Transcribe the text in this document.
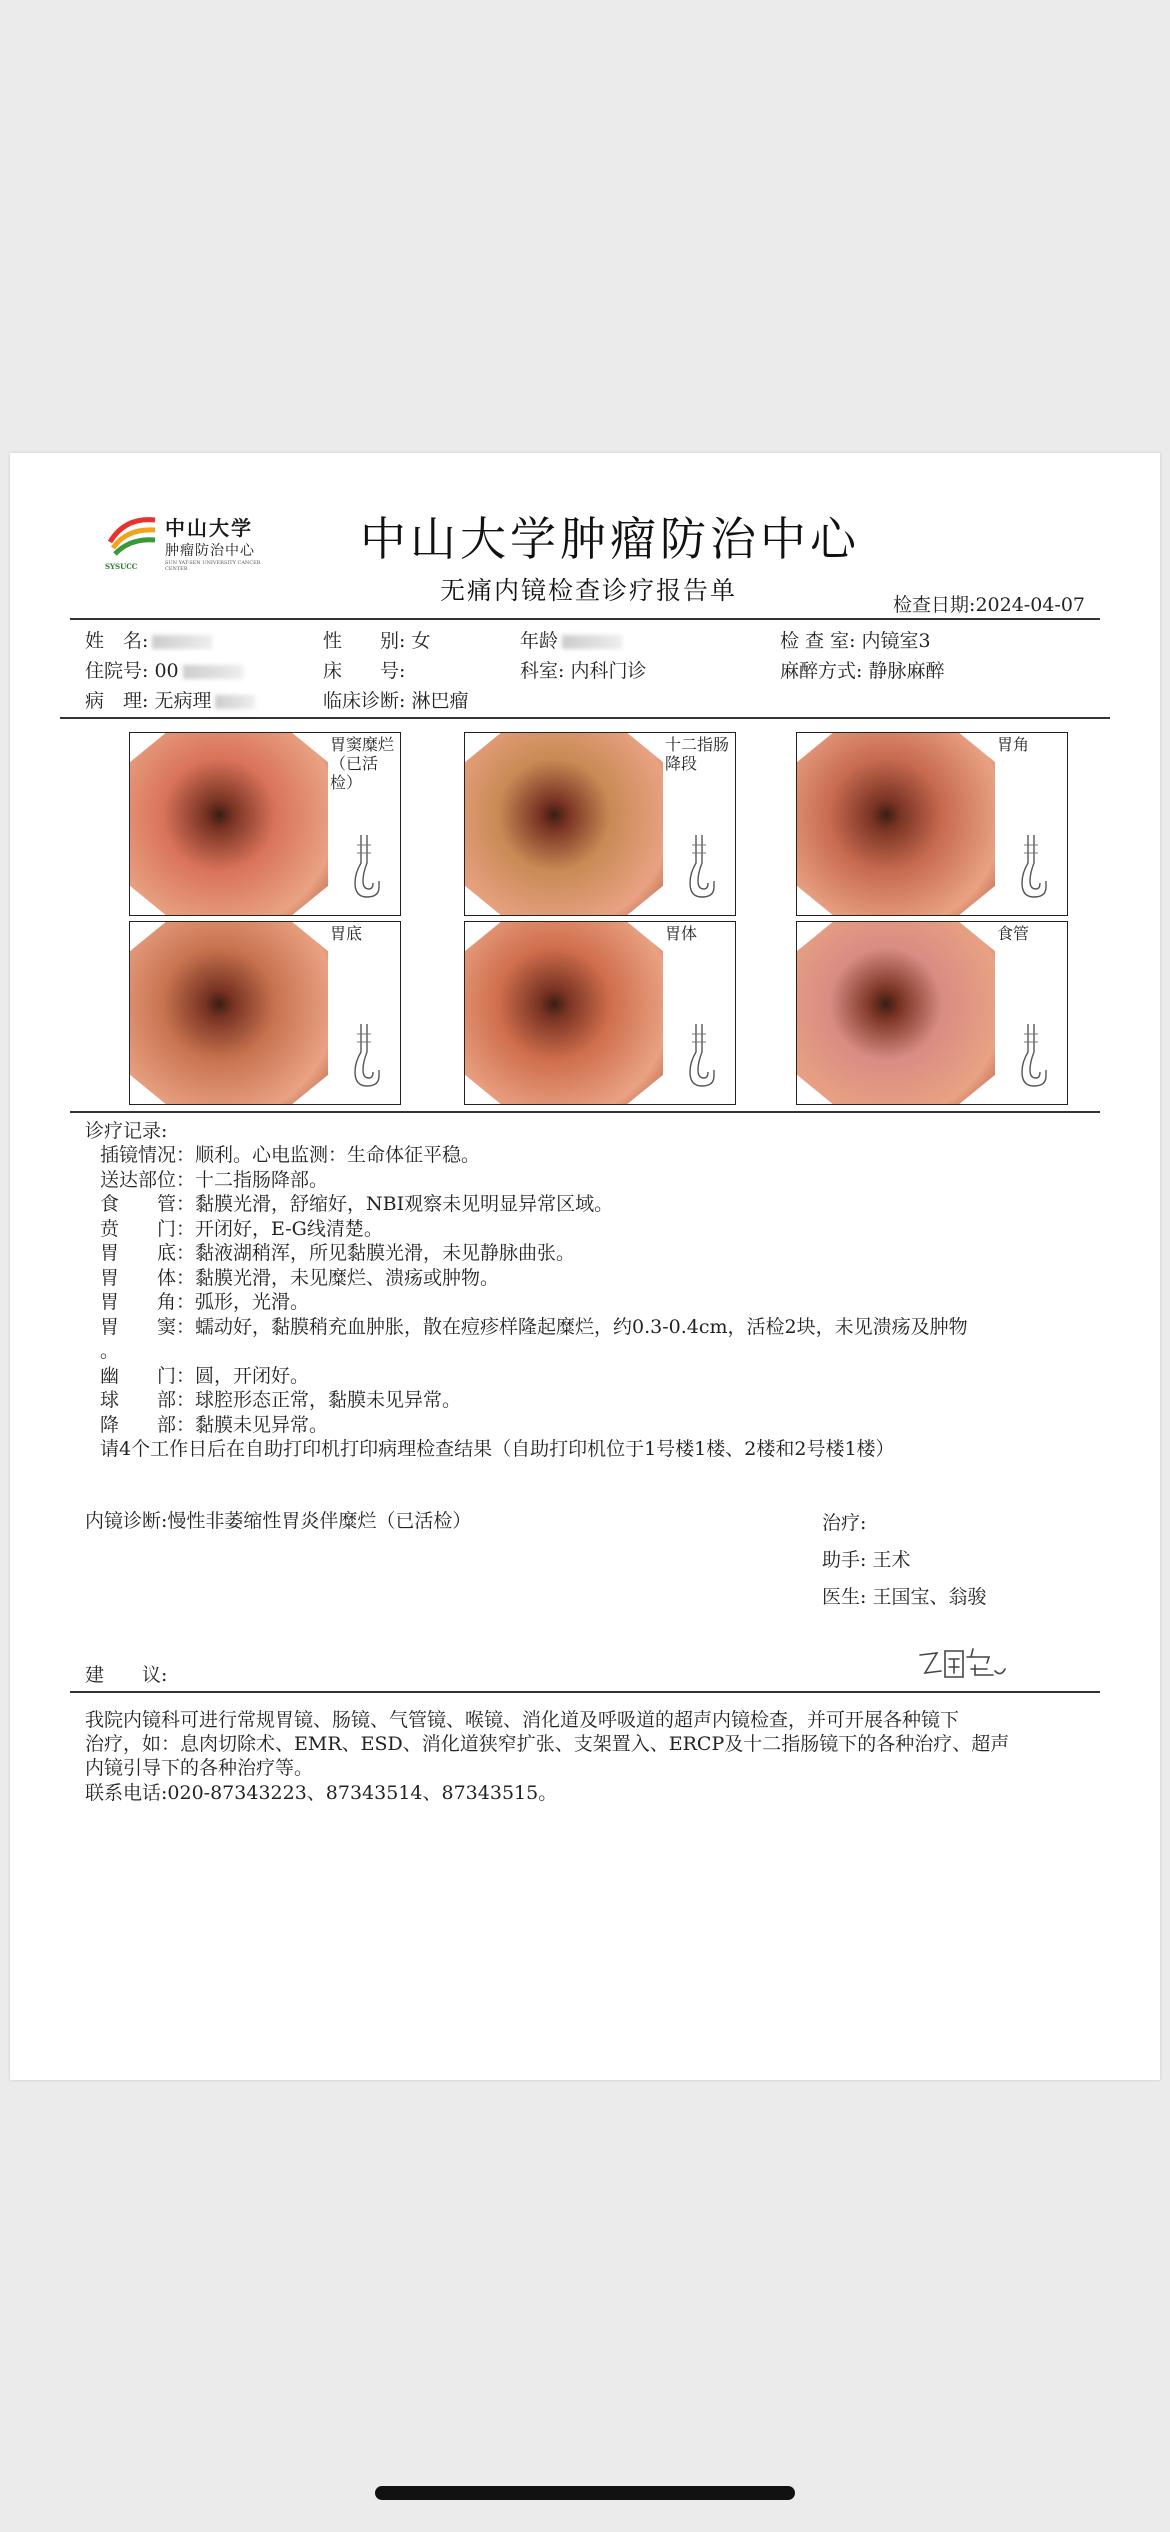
中山大学
肿瘤防治中心
SYSUCC	SUN YAT-SEN UNIVERSITY CANCER CENTER
中山大学肿瘤防治中心
无痛内镜检查诊疗报告单	检查日期:2024-04-07
姓　名:	性　　别: 女	年龄	检 查 室: 内镜室3
住院号: 00	床　　号:	科室: 内科门诊	麻醉方式: 静脉麻醉
病　理: 无病理	临床诊断: 淋巴瘤
胃窦糜烂（已活检）
十二指肠降段
胃角
胃底	胃体	食管
诊疗记录:
插镜情况：顺利。心电监测：生命体征平稳。
送达部位：十二指肠降部。
食　　管：黏膜光滑，舒缩好，NBI观察未见明显异常区域。
贲　　门：开闭好，E-G线清楚。
胃　　底：黏液湖稍浑，所见黏膜光滑，未见静脉曲张。
胃　　体：黏膜光滑，未见糜烂、溃疡或肿物。
胃　　角：弧形，光滑。
胃　　窦：蠕动好，黏膜稍充血肿胀，散在痘疹样隆起糜烂，约0.3-0.4cm，活检2块，未见溃疡及肿物
。
幽　　门：圆，开闭好。
球　　部：球腔形态正常，黏膜未见异常。
降　　部：黏膜未见异常。
请4个工作日后在自助打印机打印病理检查结果（自助打印机位于1号楼1楼、2楼和2号楼1楼）
内镜诊断:慢性非萎缩性胃炎伴糜烂（已活检）	治疗:
助手: 王术
医生: 王国宝、翁骏
建　　议:
我院内镜科可进行常规胃镜、肠镜、气管镜、喉镜、消化道及呼吸道的超声内镜检查，并可开展各种镜下
治疗，如：息肉切除术、EMR、ESD、消化道狭窄扩张、支架置入、ERCP及十二指肠镜下的各种治疗、超声
内镜引导下的各种治疗等。
联系电话:020-87343223、87343514、87343515。
